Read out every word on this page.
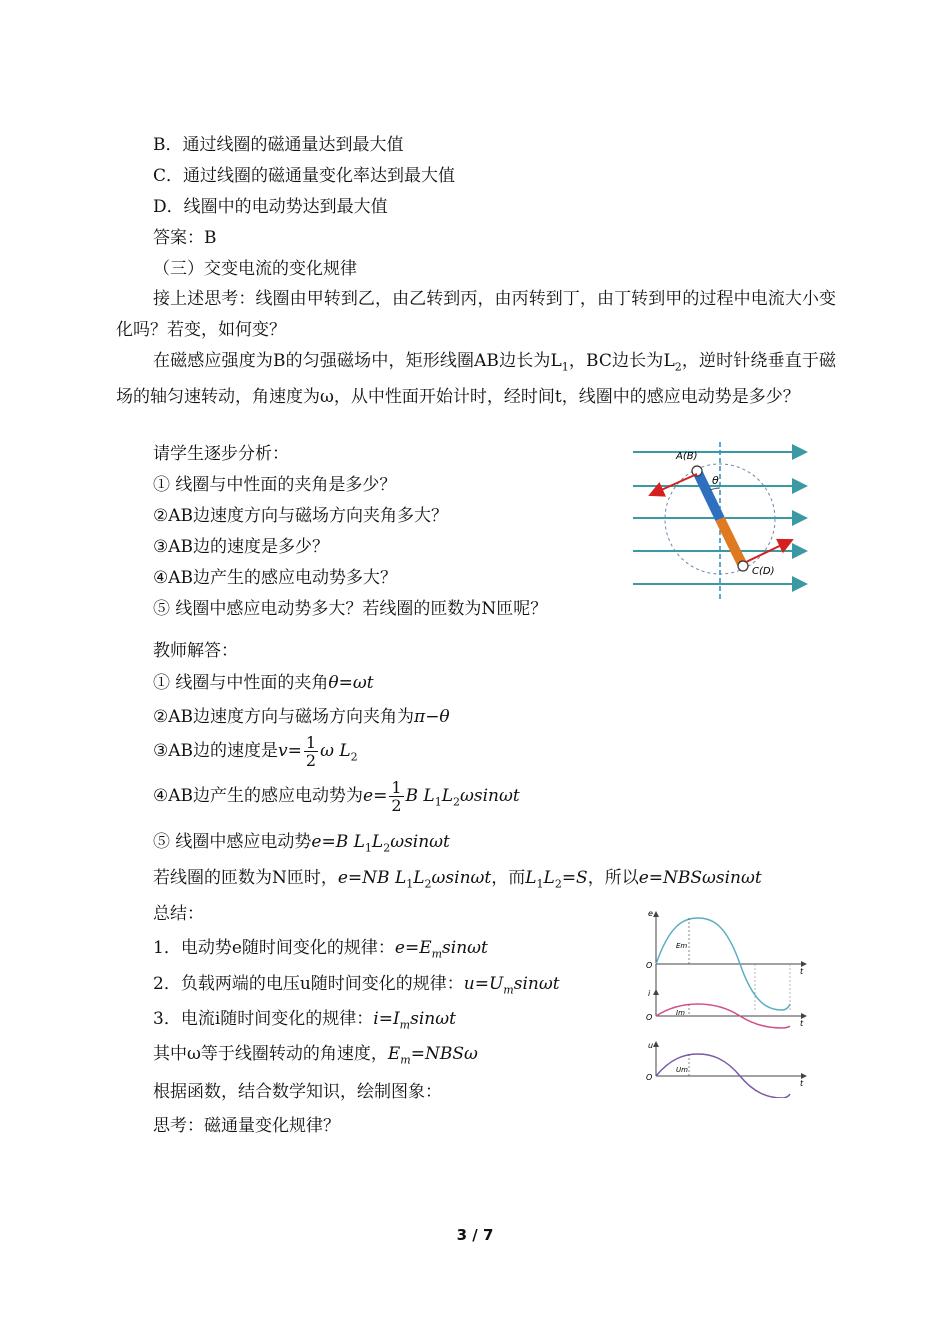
B．通过线圈的磁通量达到最大值
C．通过线圈的磁通量变化率达到最大值
D．线圈中的电动势达到最大值
答案：B
（三）交变电流的变化规律
接上述思考：线圈由甲转到乙，由乙转到丙，由丙转到丁，由丁转到甲的过程中电流大小变化吗？若变，如何变？
在磁感应强度为B的匀强磁场中，矩形线圈AB边长为$L_1$，BC边长为$L_2$，逆时针绕垂直于磁场的轴匀速转动，角速度为ω，从中性面开始计时，经时间t，线圈中的感应电动势是多少？
请学生逐步分析：
① 线圈与中性面的夹角是多少？
②AB边速度方向与磁场方向夹角多大？
③AB边的速度是多少？
④AB边产生的感应电动势多大？
⑤ 线圈中感应电动势多大？若线圈的匝数为N匝呢？
A(B)
θ
C(D)
教师解答：
① 线圈与中性面的夹角θ=ωt
②AB边速度方向与磁场方向夹角为π−θ
③AB边的速度是$v= \frac{1}{2}$ ω $L_2$
④AB边产生的感应电动势为$e= \frac{1}{2}$ B $L_1L_2\omega\sin\omega t$
⑤ 线圈中感应电动势e=B $L_1L_2\omega\sin\omega t$
若线圈的匝数为N匝时，e=NB $L_1L_2\omega\sin\omega t$，而$L_1L_2=S$，所以e=NBSωsinωt
总结：
1．电动势e随时间变化的规律：$e=E_m\sin\omega t$
2．负载两端的电压u随时间变化的规律：$u=U_m\sin\omega t$
3．电流i随时间变化的规律：$i=I_m\sin\omega t$
其中ω等于线圈转动的角速度，$E_m=NBS\omega$
根据函数，结合数学知识，绘制图象：
思考：磁通量变化规律？
e
Em
O
t
i
Im
O
t
u
Um
O
t
3 / 7
